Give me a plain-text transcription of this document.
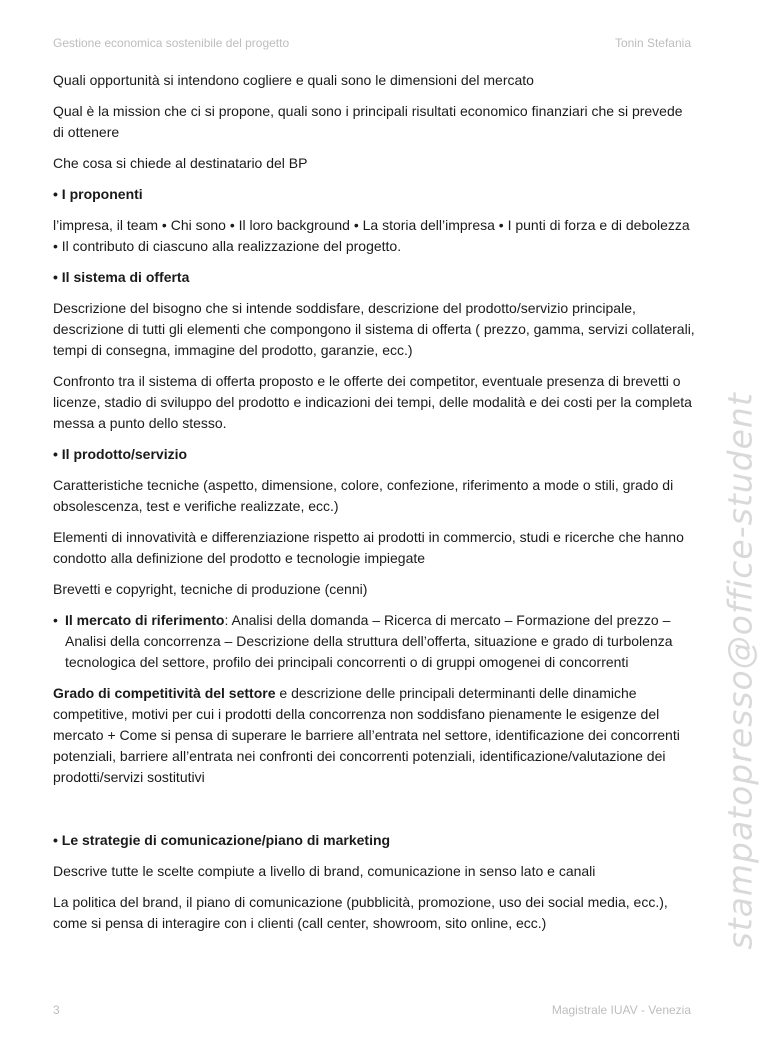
Gestione economica sostenibile del progetto	Tonin Stefania

Quali opportunità si intendono cogliere e quali sono le dimensioni del mercato

Qual è la mission che ci si propone, quali sono i principali risultati economico finanziari che si prevede di ottenere

Che cosa si chiede al destinatario del BP

• I proponenti

l’impresa, il team • Chi sono • Il loro background • La storia dell’impresa • I punti di forza e di debolezza • Il contributo di ciascuno alla realizzazione del progetto.

• Il sistema di offerta

Descrizione del bisogno che si intende soddisfare, descrizione del prodotto/servizio principale, descrizione di tutti gli elementi che compongono il sistema di offerta ( prezzo, gamma, servizi collaterali, tempi di consegna, immagine del prodotto, garanzie, ecc.)

Confronto tra il sistema di offerta proposto e le offerte dei competitor, eventuale presenza di brevetti o licenze, stadio di sviluppo del prodotto e indicazioni dei tempi, delle modalità e dei costi per la completa messa a punto dello stesso.

• Il prodotto/servizio

Caratteristiche tecniche (aspetto, dimensione, colore, confezione, riferimento a mode o stili, grado di obsolescenza, test e verifiche realizzate, ecc.)

Elementi di innovatività e differenziazione rispetto ai prodotti in commercio, studi e ricerche che hanno condotto alla definizione del prodotto e tecnologie impiegate

Brevetti e copyright, tecniche di produzione (cenni)

• Il mercato di riferimento: Analisi della domanda – Ricerca di mercato – Formazione del prezzo – Analisi della concorrenza – Descrizione della struttura dell’offerta, situazione e grado di turbolenza tecnologica del settore, profilo dei principali concorrenti o di gruppi omogenei di concorrenti

Grado di competitività del settore e descrizione delle principali determinanti delle dinamiche competitive, motivi per cui i prodotti della concorrenza non soddisfano pienamente le esigenze del mercato + Come si pensa di superare le barriere all’entrata nel settore, identificazione dei concorrenti potenziali, barriere all’entrata nei confronti dei concorrenti potenziali, identificazione/valutazione dei prodotti/servizi sostitutivi

• Le strategie di comunicazione/piano di marketing

Descrive tutte le scelte compiute a livello di brand, comunicazione in senso lato e canali

La politica del brand, il piano di comunicazione (pubblicità, promozione, uso dei social media, ecc.), come si pensa di interagire con i clienti (call center, showroom, sito online, ecc.)	stampatopresso@office-student
3	Magistrale IUAV - Venezia
